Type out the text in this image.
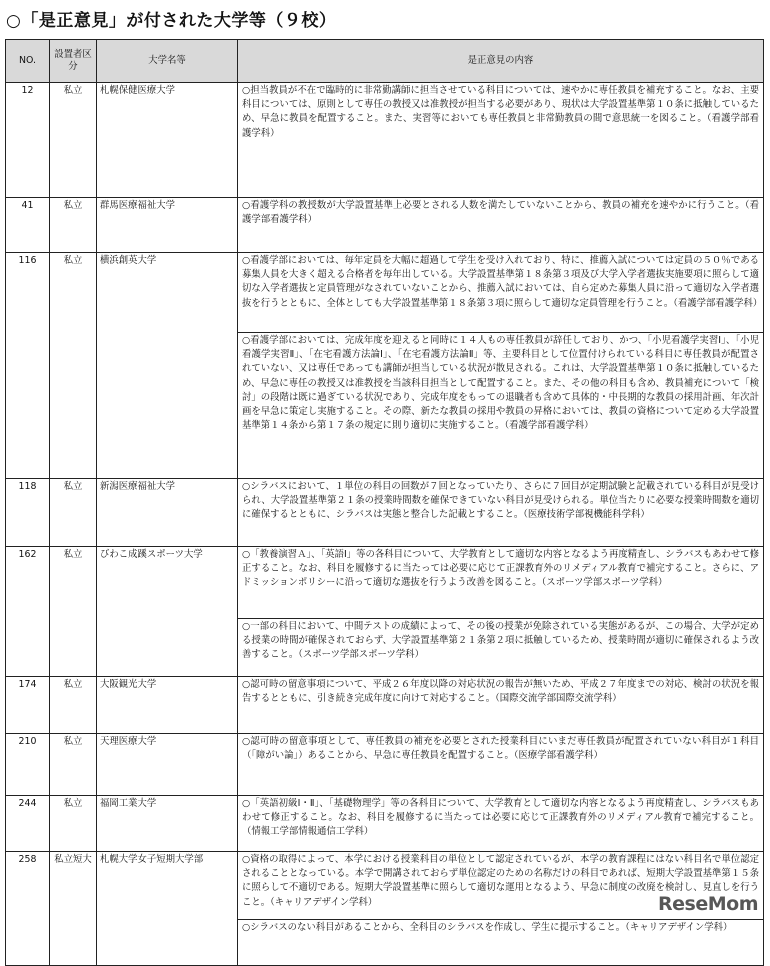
○「是正意見」が付された大学等（９校）
NO.	設置者区分	大学名等	是正意見の内容
12	私立	札幌保健医療大学	○担当教員が不在で臨時的に非常勤講師に担当させている科目については、速やかに専任教員を補充すること。なお、主要科目については、原則として専任の教授又は准教授が担当する必要があり、現状は大学設置基準第１０条に抵触しているため、早急に教員を配置すること。また、実習等においても専任教員と非常勤教員の間で意思統一を図ること。（看護学部看護学科）
41	私立	群馬医療福祉大学	○看護学科の教授数が大学設置基準上必要とされる人数を満たしていないことから、教員の補充を速やかに行うこと。（看護学部看護学科）
116	私立	横浜創英大学	○看護学部においては、毎年定員を大幅に超過して学生を受け入れており、特に、推薦入試については定員の５０％である募集人員を大きく超える合格者を毎年出している。大学設置基準第１８条第３項及び大学入学者選抜実施要項に照らして適切な入学者選抜と定員管理がなされていないことから、推薦入試においては、自ら定めた募集人員に沿って適切な入学者選抜を行うとともに、全体としても大学設置基準第１８条第３項に照らして適切な定員管理を行うこと。（看護学部看護学科）
			○看護学部においては、完成年度を迎えると同時に１４人もの専任教員が辞任しており、かつ、「小児看護学実習Ⅰ」、「小児看護学実習Ⅱ」、「在宅看護方法論Ⅰ」、「在宅看護方法論Ⅱ」等、主要科目として位置付けられている科目に専任教員が配置されていない、又は専任であっても講師が担当している状況が散見される。これは、大学設置基準第１０条に抵触しているため、早急に専任の教授又は准教授を当該科目担当として配置すること。また、その他の科目も含め、教員補充について「検討」の段階は既に過ぎている状況であり、完成年度をもっての退職者も含めて具体的・中長期的な教員の採用計画、年次計画を早急に策定し実施すること。その際、新たな教員の採用や教員の昇格においては、教員の資格について定める大学設置基準第１４条から第１７条の規定に則り適切に実施すること。（看護学部看護学科）
118	私立	新潟医療福祉大学	○シラバスにおいて、１単位の科目の回数が７回となっていたり、さらに７回目が定期試験と記載されている科目が見受けられ、大学設置基準第２１条の授業時間数を確保できていない科目が見受けられる。単位当たりに必要な授業時間数を適切に確保するとともに、シラバスは実態と整合した記載とすること。（医療技術学部視機能科学科）
162	私立	びわこ成蹊スポーツ大学	○「教養演習Ａ」、「英語Ⅰ」等の各科目について、大学教育として適切な内容となるよう再度精査し、シラバスもあわせて修正すること。なお、科目を履修するに当たっては必要に応じて正課教育外のリメディアル教育で補完すること。さらに、アドミッションポリシーに沿って適切な選抜を行うよう改善を図ること。（スポーツ学部スポーツ学科）
			○一部の科目において、中間テストの成績によって、その後の授業が免除されている実態があるが、この場合、大学が定める授業の時間が確保されておらず、大学設置基準第２１条第２項に抵触しているため、授業時間が適切に確保されるよう改善すること。（スポーツ学部スポーツ学科）
174	私立	大阪観光大学	○認可時の留意事項について、平成２６年度以降の対応状況の報告が無いため、平成２７年度までの対応、検討の状況を報告するとともに、引き続き完成年度に向けて対応すること。（国際交流学部国際交流学科）
210	私立	天理医療大学	○認可時の留意事項として、専任教員の補充を必要とされた授業科目にいまだ専任教員が配置されていない科目が１科目（「障がい論」）あることから、早急に専任教員を配置すること。（医療学部看護学科）
244	私立	福岡工業大学	○「英語初級Ⅰ・Ⅱ」、「基礎物理学」等の各科目について、大学教育として適切な内容となるよう再度精査し、シラバスもあわせて修正すること。なお、科目を履修するに当たっては必要に応じて正課教育外のリメディアル教育で補完すること。（情報工学部情報通信工学科）
258	私立短大	札幌大学女子短期大学部	○資格の取得によって、本学における授業科目の単位として認定されているが、本学の教育課程にはない科目名で単位認定されることとなっている。本学で開講されておらず単位認定のための名称だけの科目であれば、短期大学設置基準第１５条に照らして不適切である。短期大学設置基準に照らして適切な運用となるよう、早急に制度の改廃を検討し、見直しを行うこと。（キャリアデザイン学科）
			○シラバスのない科目があることから、全科目のシラバスを作成し、学生に提示すること。（キャリアデザイン学科）
ReseMom
